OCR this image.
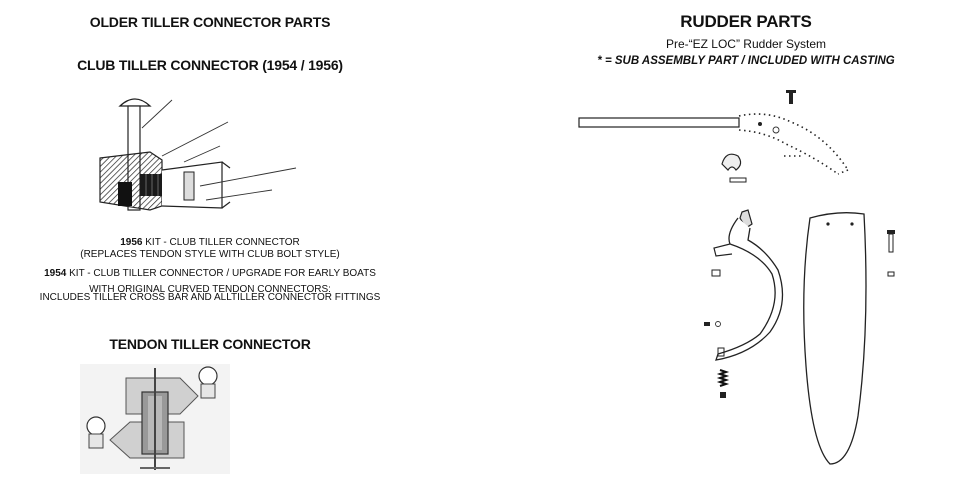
OLDER TILLER CONNECTOR PARTS
CLUB TILLER CONNECTOR (1954 / 1956)
1956 KIT - CLUB TILLER CONNECTOR
(REPLACES TENDON STYLE WITH CLUB BOLT STYLE)
1954 KIT - CLUB TILLER CONNECTOR / UPGRADE FOR EARLY BOATS
WITH ORIGINAL CURVED TENDON CONNECTORS:
INCLUDES TILLER CROSS BAR AND ALLTILLER CONNECTOR FITTINGS
TENDON TILLER CONNECTOR
RUDDER PARTS
Pre-“EZ LOC” Rudder System
* = SUB ASSEMBLY PART / INCLUDED WITH CASTING
